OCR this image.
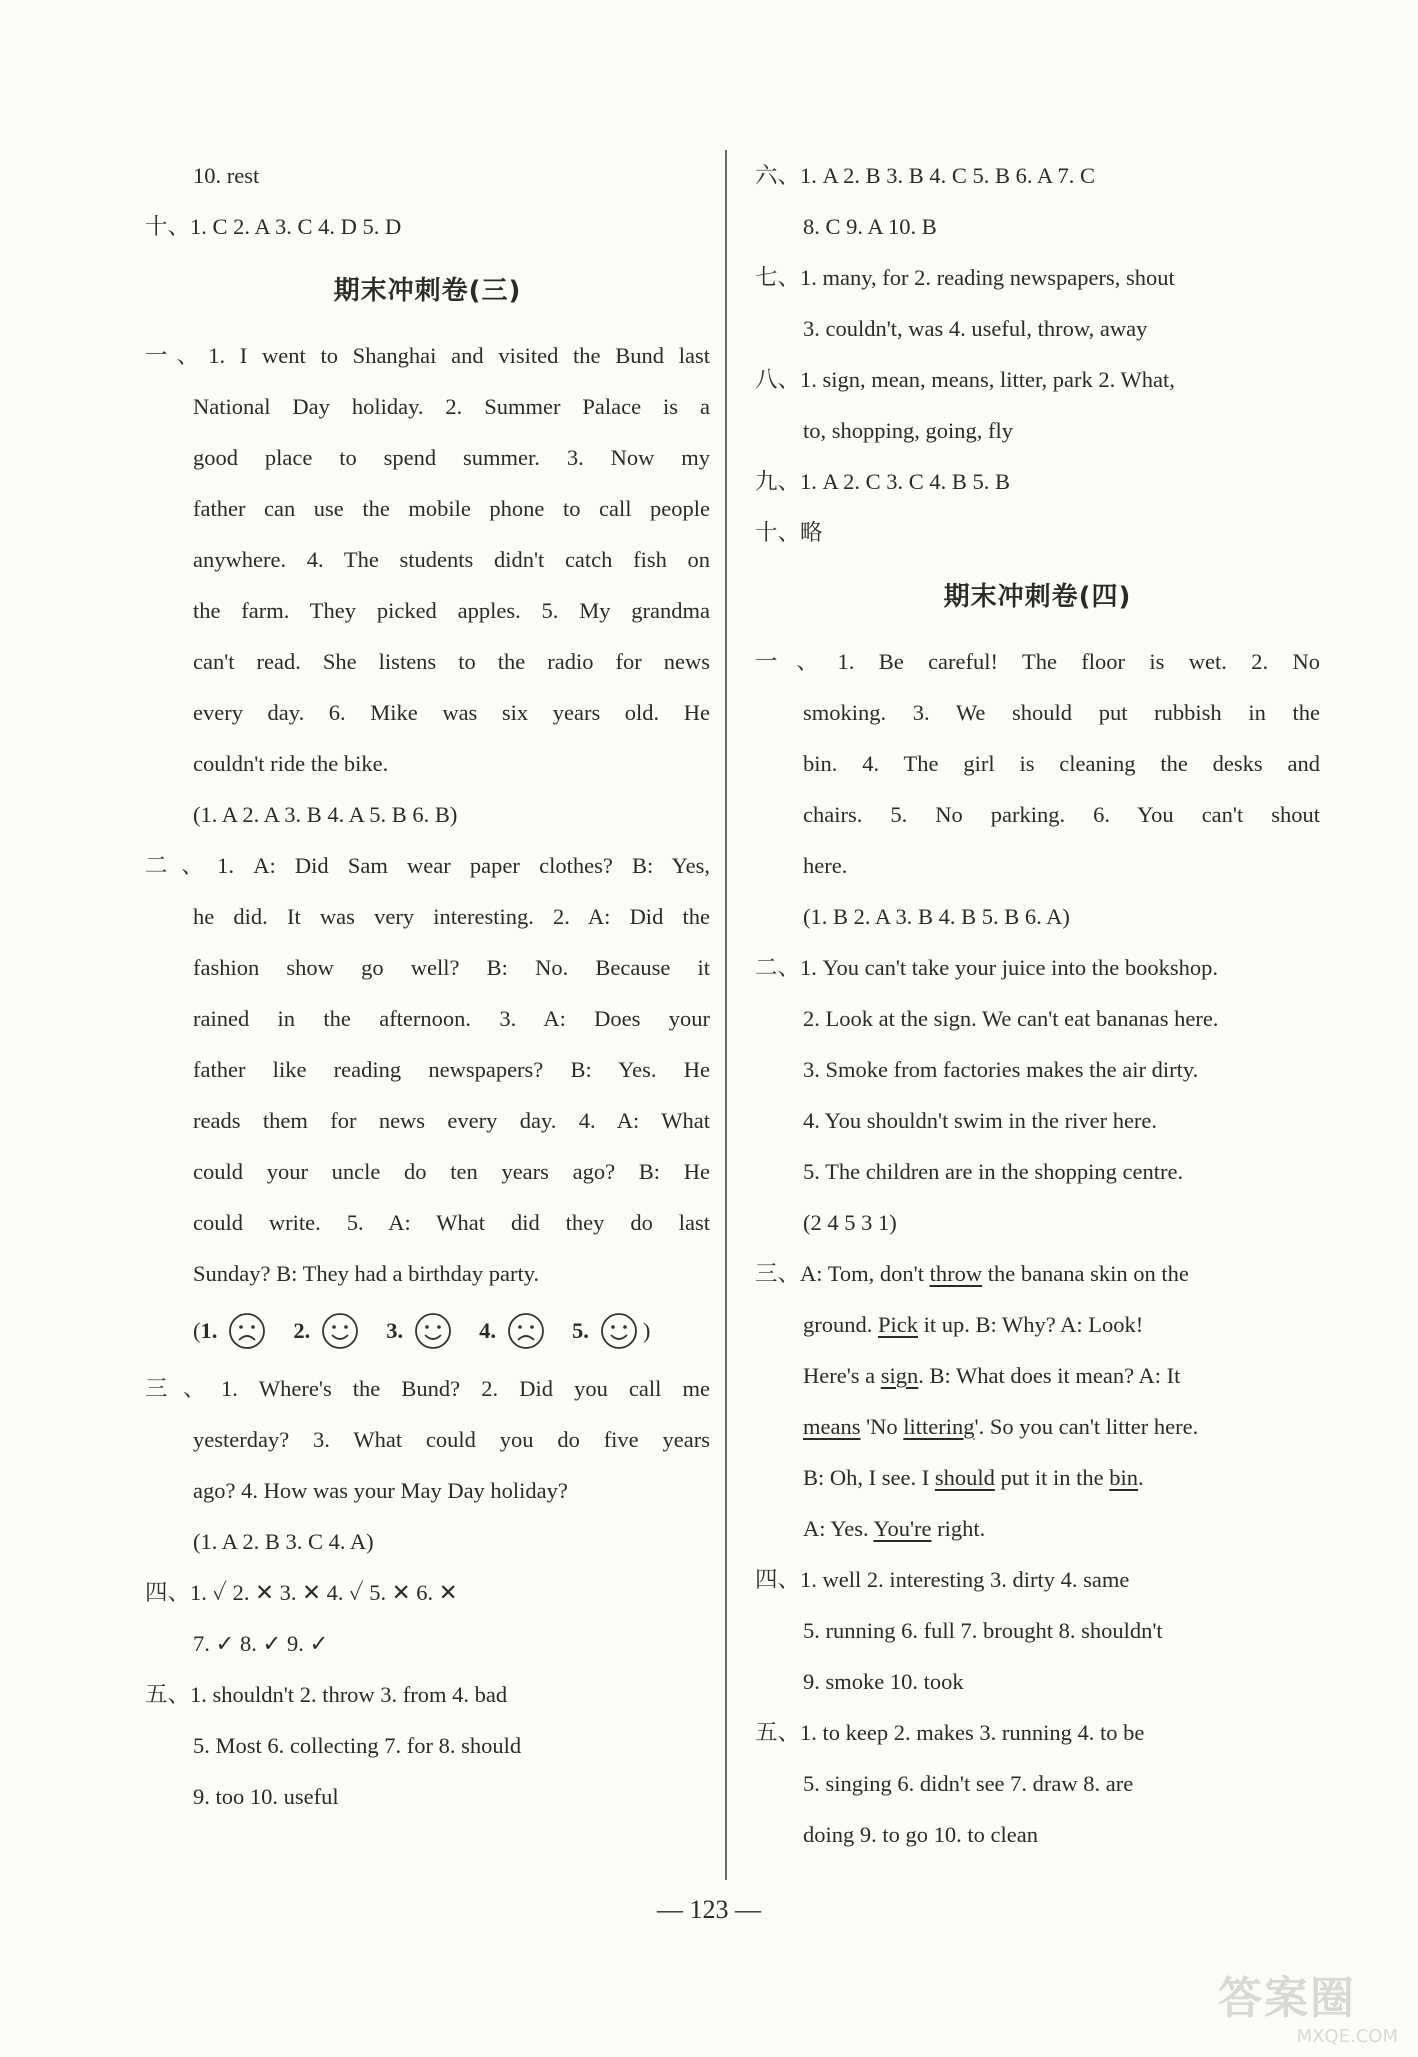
10. rest
十、1. C 2. A 3. C 4. D 5. D
期末冲刺卷(三)
一、1. I went to Shanghai and visited the Bund last
National Day holiday. 2. Summer Palace is a
good place to spend summer. 3. Now my
father can use the mobile phone to call people
anywhere. 4. The students didn't catch fish on
the farm. They picked apples. 5. My grandma
can't read. She listens to the radio for news
every day. 6. Mike was six years old. He
couldn't ride the bike.
(1. A 2. A 3. B 4. A 5. B 6. B)
二、1. A: Did Sam wear paper clothes? B: Yes,
he did. It was very interesting. 2. A: Did the
fashion show go well? B: No. Because it
rained in the afternoon. 3. A: Does your
father like reading newspapers? B: Yes. He
reads them for news every day. 4. A: What
could your uncle do ten years ago? B: He
could write. 5. A: What did they do last
Sunday? B: They had a birthday party.
( 1.	2.	3.	4.	5. )
三、1. Where's the Bund? 2. Did you call me
yesterday? 3. What could you do five years
ago? 4. How was your May Day holiday?
(1. A 2. B 3. C 4. A)
四、1. ✓ 2. ✕ 3. ✕ 4. ✓ 5. ✕ 6. ✕
7. ✓ 8. ✓ 9. ✓
五、1. shouldn't 2. throw 3. from 4. bad
5. Most 6. collecting 7. for 8. should
9. too 10. useful
六、1. A 2. B 3. B 4. C 5. B 6. A 7. C
8. C 9. A 10. B
七、1. many, for 2. reading newspapers, shout
3. couldn't, was 4. useful, throw, away
八、1. sign, mean, means, litter, park 2. What,
to, shopping, going, fly
九、1. A 2. C 3. C 4. B 5. B
十、略
期末冲刺卷(四)
一、1. Be careful! The floor is wet. 2. No
smoking. 3. We should put rubbish in the
bin. 4. The girl is cleaning the desks and
chairs. 5. No parking. 6. You can't shout
here.
(1. B 2. A 3. B 4. B 5. B 6. A)
二、1. You can't take your juice into the bookshop.
2. Look at the sign. We can't eat bananas here.
3. Smoke from factories makes the air dirty.
4. You shouldn't swim in the river here.
5. The children are in the shopping centre.
(2 4 5 3 1)
三、A: Tom, don't throw the banana skin on the
ground. Pick it up. B: Why? A: Look!
Here's a sign. B: What does it mean? A: It
means 'No littering'. So you can't litter here.
B: Oh, I see. I should put it in the bin.
A: Yes. You're right.
四、1. well 2. interesting 3. dirty 4. same
5. running 6. full 7. brought 8. shouldn't
9. smoke 10. took
五、1. to keep 2. makes 3. running 4. to be
5. singing 6. didn't see 7. draw 8. are
doing 9. to go 10. to clean
— 123 —
答案圈
MXQE.COM
